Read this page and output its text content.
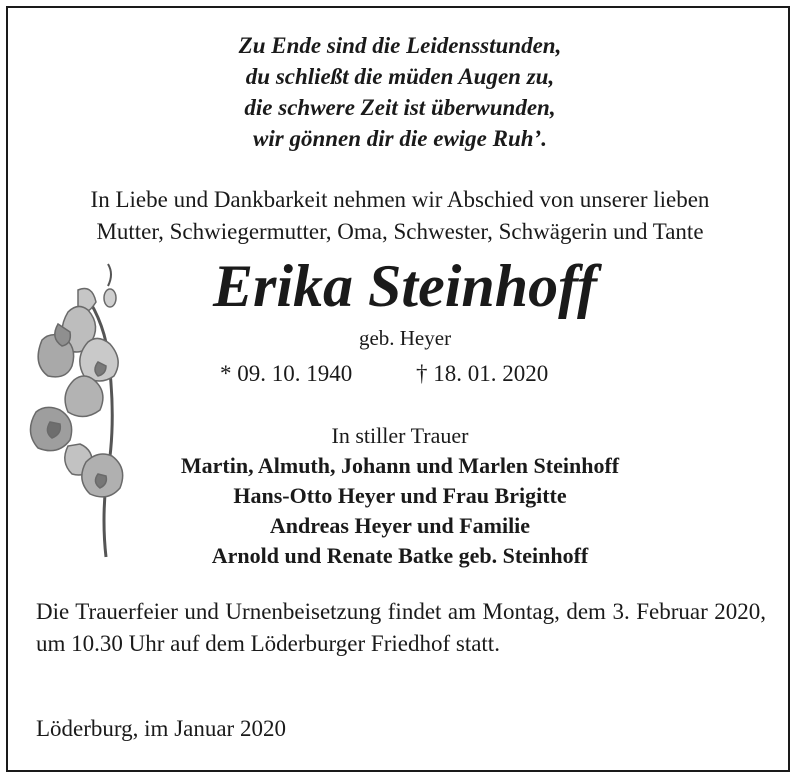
Zu Ende sind die Leidensstunden,
du schließt die müden Augen zu,
die schwere Zeit ist überwunden,
wir gönnen dir die ewige Ruh’.
In Liebe und Dankbarkeit nehmen wir Abschied von unserer lieben
Mutter, Schwiegermutter, Oma, Schwester, Schwägerin und Tante
Erika Steinhoff
geb. Heyer
* 09. 10. 1940	† 18. 01. 2020
In stiller Trauer
Martin, Almuth, Johann und Marlen Steinhoff
Hans-Otto Heyer und Frau Brigitte
Andreas Heyer und Familie
Arnold und Renate Batke geb. Steinhoff
Die Trauerfeier und Urnenbeisetzung findet am Montag, dem 3. Februar 2020, um 10.30 Uhr auf dem Löderburger Friedhof statt.
Löderburg, im Januar 2020
